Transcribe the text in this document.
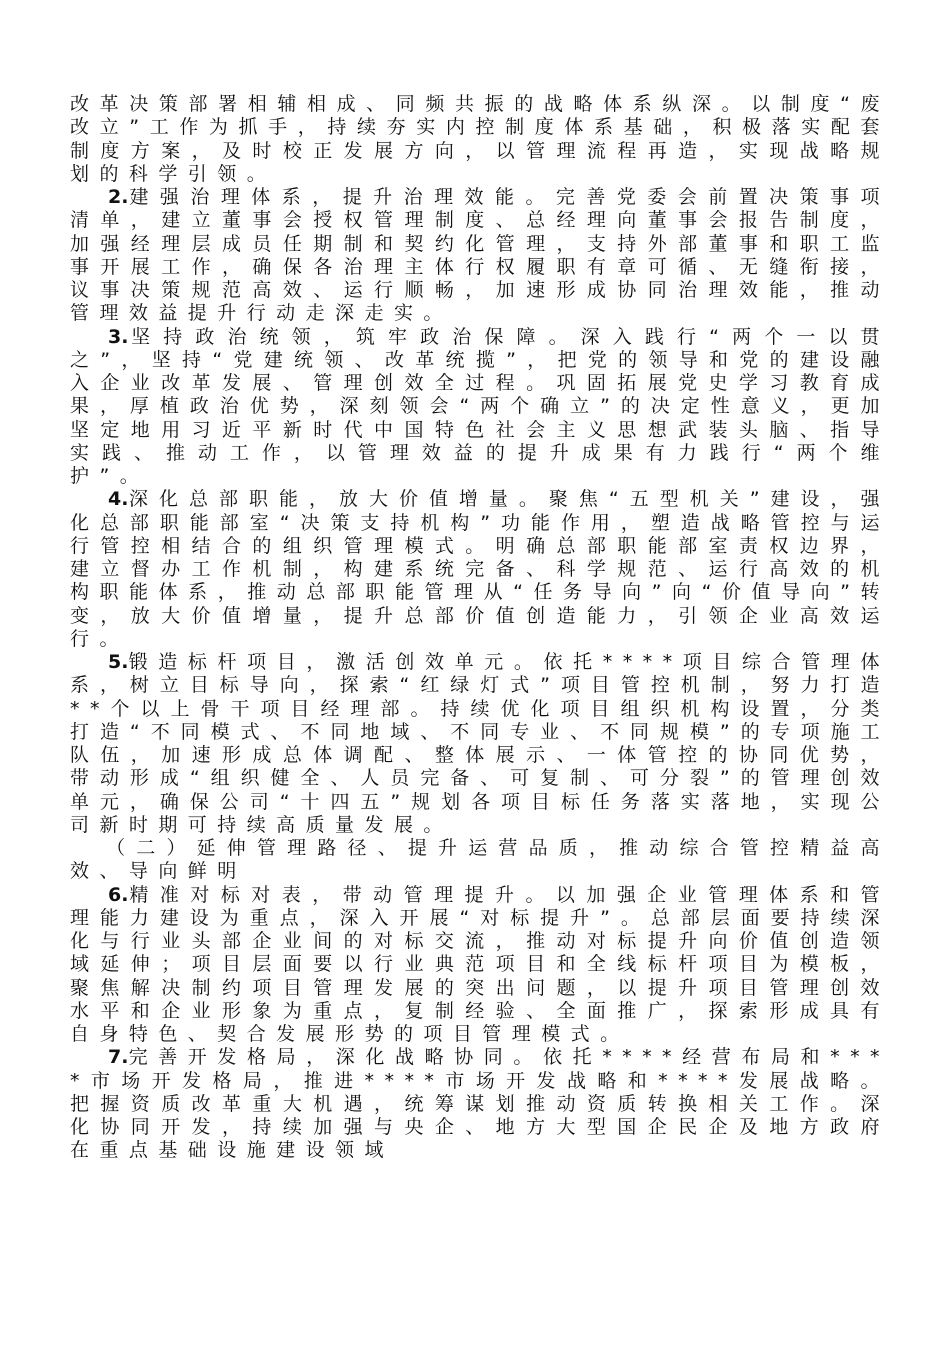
改革决策部署相辅相成、同频共振的战略体系纵深。以制度“废改立”工作为抓手，持续夯实内控制度体系基础，积极落实配套制度方案，及时校正发展方向，以管理流程再造，实现战略规划的科学引领。

2.建强治理体系，提升治理效能。完善党委会前置决策事项清单，建立董事会授权管理制度、总经理向董事会报告制度，加强经理层成员任期制和契约化管理，支持外部董事和职工监事开展工作，确保各治理主体行权履职有章可循、无缝衔接，议事决策规范高效、运行顺畅，加速形成协同治理效能，推动管理效益提升行动走深走实。

3.坚持政治统领，筑牢政治保障。深入践行“两个一以贯之”，坚持“党建统领、改革统揽”，把党的领导和党的建设融入企业改革发展、管理创效全过程。巩固拓展党史学习教育成果，厚植政治优势，深刻领会“两个确立”的决定性意义，更加坚定地用习近平新时代中国特色社会主义思想武装头脑、指导实践、推动工作，以管理效益的提升成果有力践行“两个维护”。

4.深化总部职能，放大价值增量。聚焦“五型机关”建设，强化总部职能部室“决策支持机构”功能作用，塑造战略管控与运行管控相结合的组织管理模式。明确总部职能部室责权边界，建立督办工作机制，构建系统完备、科学规范、运行高效的机构职能体系，推动总部职能管理从“任务导向”向“价值导向”转变，放大价值增量，提升总部价值创造能力，引领企业高效运行。

5.锻造标杆项目，激活创效单元。依托****项目综合管理体系，树立目标导向，探索“红绿灯式”项目管控机制，努力打造**个以上骨干项目经理部。持续优化项目组织机构设置，分类打造“不同模式、不同地域、不同专业、不同规模”的专项施工队伍，加速形成总体调配、整体展示、一体管控的协同优势，带动形成“组织健全、人员完备、可复制、可分裂”的管理创效单元，确保公司“十四五”规划各项目标任务落实落地，实现公司新时期可持续高质量发展。

（二）延伸管理路径、提升运营品质，推动综合管控精益高效、导向鲜明

6.精准对标对表，带动管理提升。以加强企业管理体系和管理能力建设为重点，深入开展“对标提升”。总部层面要持续深化与行业头部企业间的对标交流，推动对标提升向价值创造领域延伸；项目层面要以行业典范项目和全线标杆项目为模板，聚焦解决制约项目管理发展的突出问题，以提升项目管理创效水平和企业形象为重点，复制经验、全面推广，探索形成具有自身特色、契合发展形势的项目管理模式。

7.完善开发格局，深化战略协同。依托****经营布局和****市场开发格局，推进****市场开发战略和****发展战略。把握资质改革重大机遇，统筹谋划推动资质转换相关工作。深化协同开发，持续加强与央企、地方大型国企民企及地方政府在重点基础设施建设领域
